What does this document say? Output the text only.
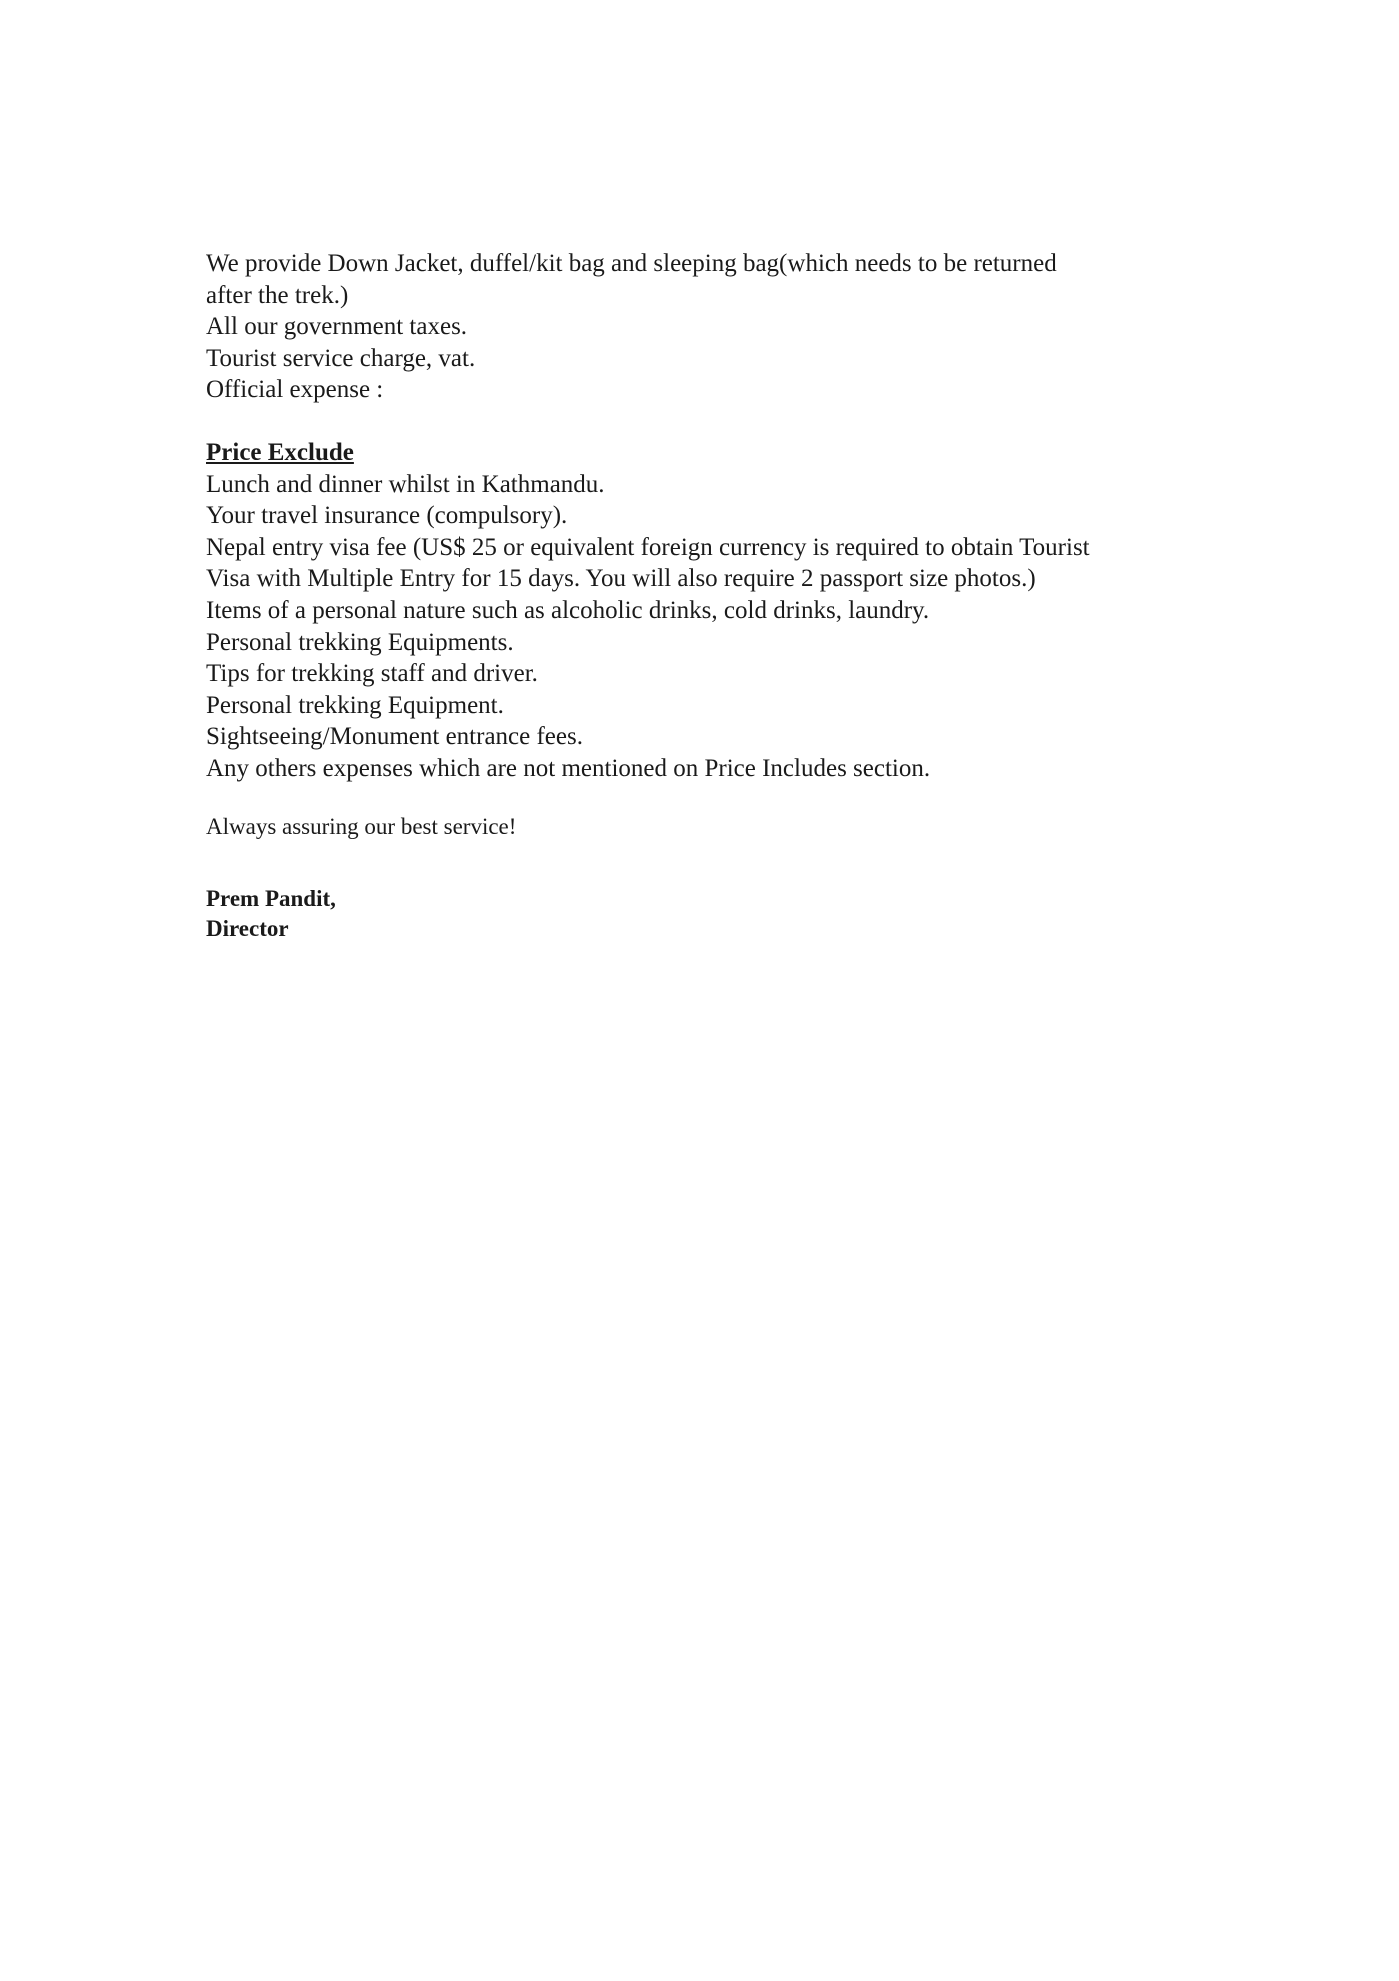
We provide Down Jacket, duffel/kit bag and sleeping bag(which needs to be returned

after the trek.)

All our government taxes.

Tourist service charge, vat.

Official expense :

Price Exclude

Lunch and dinner whilst in Kathmandu.

Your travel insurance (compulsory).

Nepal entry visa fee (US$ 25 or equivalent foreign currency is required to obtain Tourist

Visa with Multiple Entry for 15 days. You will also require 2 passport size photos.)

Items of a personal nature such as alcoholic drinks, cold drinks, laundry.

Personal trekking Equipments.

Tips for trekking staff and driver.

Personal trekking Equipment.

Sightseeing/Monument entrance fees.

Any others expenses which are not mentioned on Price Includes section.

Always assuring our best service!

Prem Pandit,

Director
